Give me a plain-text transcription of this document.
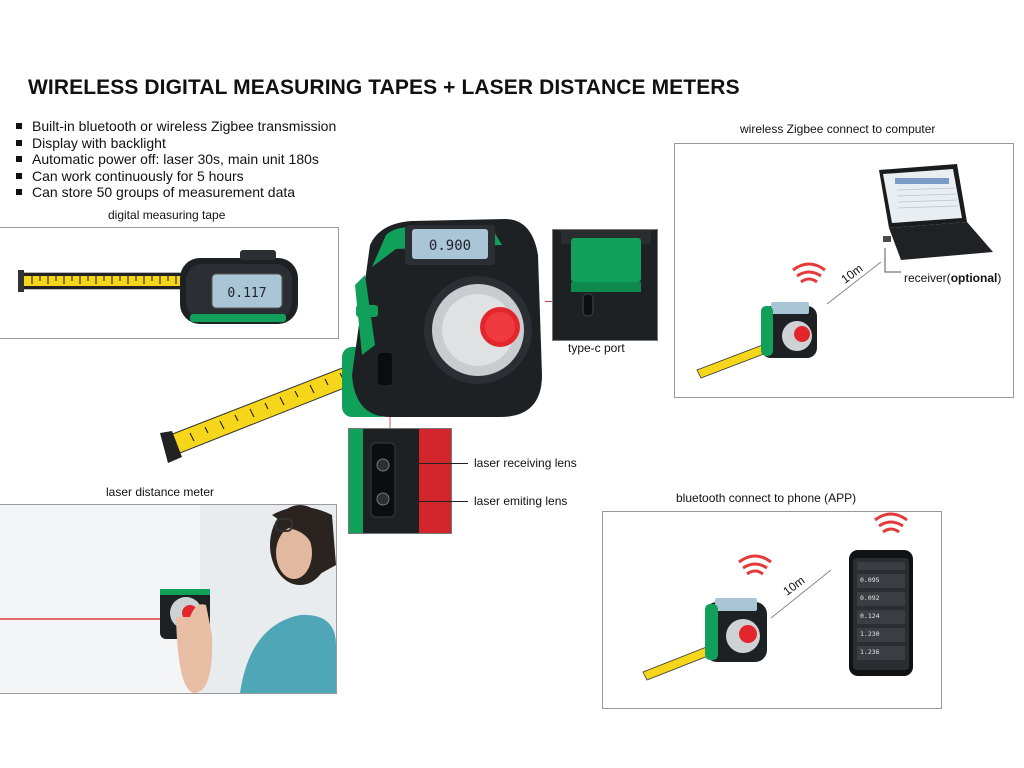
WIRELESS DIGITAL MEASURING TAPES + LASER DISTANCE METERS
Built-in bluetooth or wireless Zigbee transmission
Display with backlight
Automatic power off: laser 30s, main unit 180s
Can work continuously for 5 hours
Can store 50 groups of measurement data
digital measuring tape
0.117
0.900
type-c port
laser receiving lens
laser emiting lens
laser distance meter
wireless Zigbee connect to computer
10m	receiver(optional)
bluetooth connect to phone (APP)
10m	0.095
0.092
0.124
1.230
1.236
